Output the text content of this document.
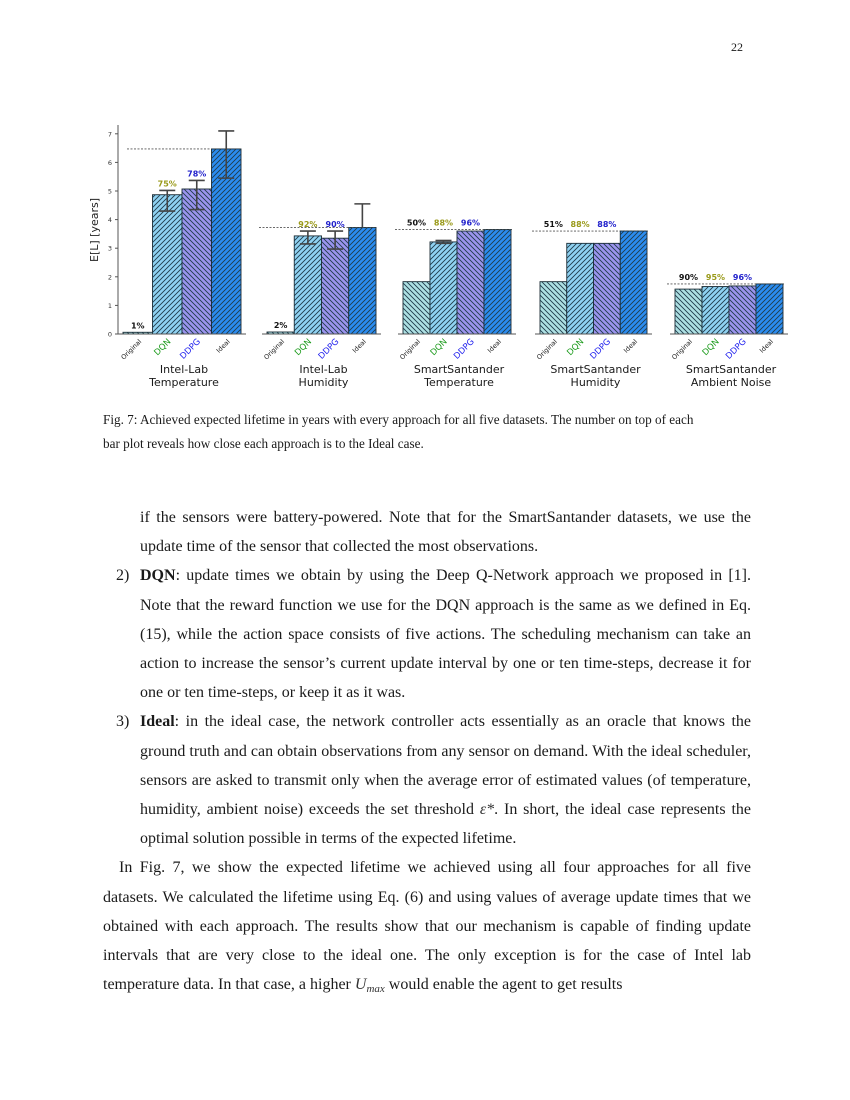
22
0
1
2
3
4
5
6
7
E[L] [years]
1%
Original
75%
DQN
78%
DDPG Ideal
Intel-Lab
Temperature
2%
Original
92%
DQN
90%
DDPG Ideal
Intel-Lab
Humidity
50%
Original
88%
DQN
96%
DDPG Ideal
SmartSantander
Temperature
51%
Original
88%
DQN
88%
DDPG Ideal
SmartSantander
Humidity
90%
Original
95%
DQN
96%
DDPG Ideal
SmartSantander
Ambient Noise
Fig. 7: Achieved expected lifetime in years with every approach for all five datasets. The number on top of each
bar plot reveals how close each approach is to the Ideal case.

if the sensors were battery-powered. Note that for the SmartSantander datasets, we use the update time of the sensor that collected the most observations.

2) DQN: update times we obtain by using the Deep Q-Network approach we proposed in [1]. Note that the reward function we use for the DQN approach is the same as we defined in Eq. (15), while the action space consists of five actions. The scheduling mechanism can take an action to increase the sensor’s current update interval by one or ten time-steps, decrease it for one or ten time-steps, or keep it as it was.

3) Ideal: in the ideal case, the network controller acts essentially as an oracle that knows the ground truth and can obtain observations from any sensor on demand. With the ideal scheduler, sensors are asked to transmit only when the average error of estimated values (of temperature, humidity, ambient noise) exceeds the set threshold ε*. In short, the ideal case represents the optimal solution possible in terms of the expected lifetime.

In Fig. 7, we show the expected lifetime we achieved using all four approaches for all five datasets. We calculated the lifetime using Eq. (6) and using values of average update times that we obtained with each approach. The results show that our mechanism is capable of finding update intervals that are very close to the ideal one. The only exception is for the case of Intel lab temperature data. In that case, a higher $U_{max}$ would enable the agent to get results
